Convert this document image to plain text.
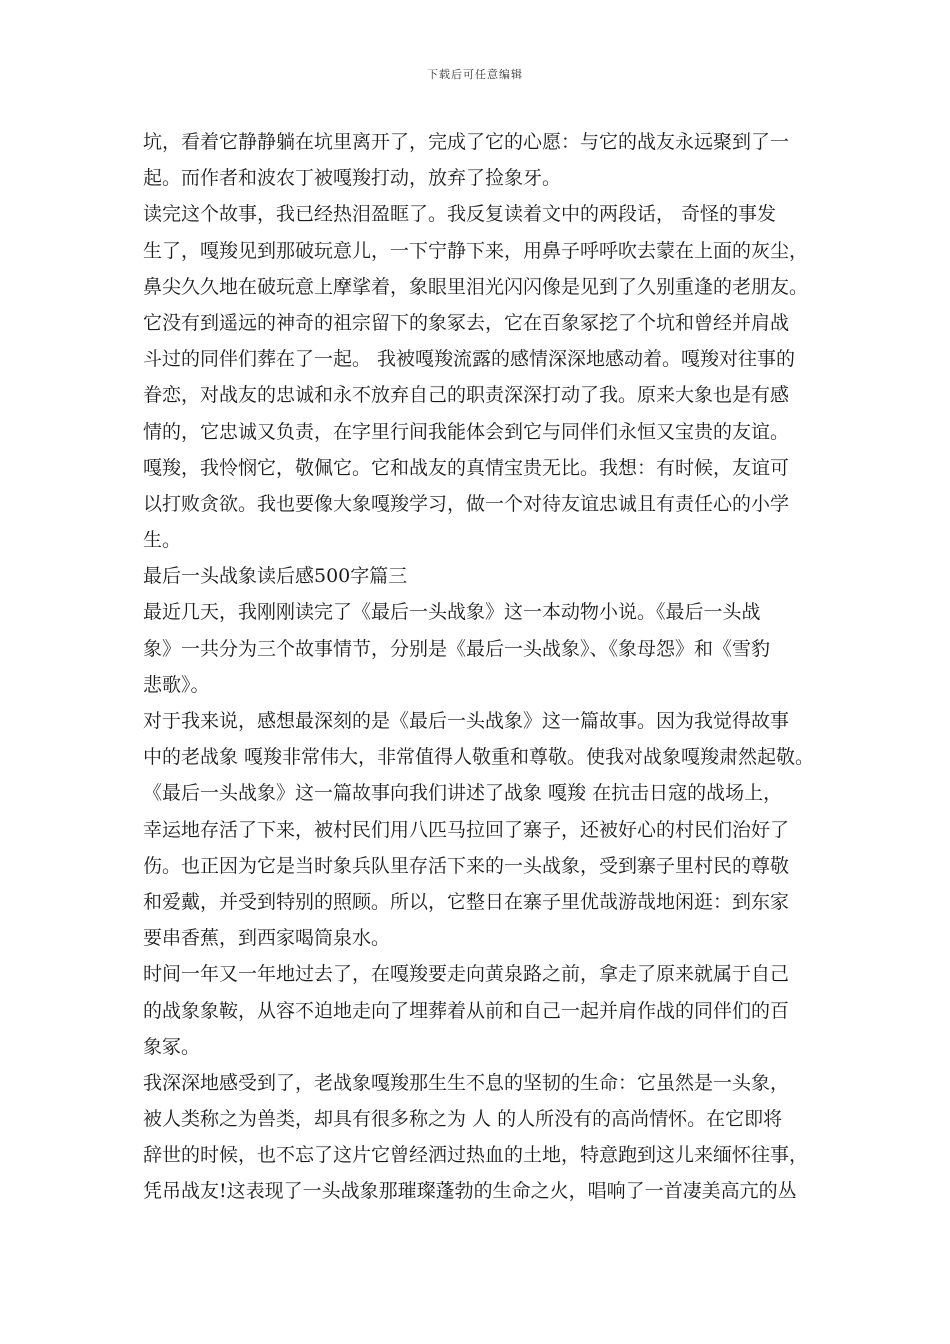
下载后可任意编辑
坑，看着它静静躺在坑里离开了，完成了它的心愿：与它的战友永远聚到了一
起。而作者和波农丁被嘎羧打动，放弃了捡象牙。
读完这个故事，我已经热泪盈眶了。我反复读着文中的两段话， 奇怪的事发
生了，嘎羧见到那破玩意儿，一下宁静下来，用鼻子呼呼吹去蒙在上面的灰尘，
鼻尖久久地在破玩意上摩挲着，象眼里泪光闪闪像是见到了久别重逢的老朋友。
它没有到遥远的神奇的祖宗留下的象冢去，它在百象冢挖了个坑和曾经并肩战
斗过的同伴们葬在了一起。 我被嘎羧流露的感情深深地感动着。嘎羧对往事的
眷恋，对战友的忠诚和永不放弃自己的职责深深打动了我。原来大象也是有感
情的，它忠诚又负责，在字里行间我能体会到它与同伴们永恒又宝贵的友谊。
嘎羧，我怜悯它，敬佩它。它和战友的真情宝贵无比。我想：有时候，友谊可
以打败贪欲。我也要像大象嘎羧学习，做一个对待友谊忠诚且有责任心的小学
生。
最后一头战象读后感500字篇三
最近几天，我刚刚读完了《最后一头战象》这一本动物小说。《最后一头战
象》一共分为三个故事情节，分别是《最后一头战象》、《象母怨》和《雪豹
悲歌》。
对于我来说，感想最深刻的是《最后一头战象》这一篇故事。因为我觉得故事
中的老战象 嘎羧非常伟大，非常值得人敬重和尊敬。使我对战象嘎羧肃然起敬。
《最后一头战象》这一篇故事向我们讲述了战象 嘎羧 在抗击日寇的战场上，
幸运地存活了下来，被村民们用八匹马拉回了寨子，还被好心的村民们治好了
伤。也正因为它是当时象兵队里存活下来的一头战象，受到寨子里村民的尊敬
和爱戴，并受到特别的照顾。所以，它整日在寨子里优哉游哉地闲逛：到东家
要串香蕉，到西家喝筒泉水。
时间一年又一年地过去了，在嘎羧要走向黄泉路之前，拿走了原来就属于自己
的战象象鞍，从容不迫地走向了埋葬着从前和自己一起并肩作战的同伴们的百
象冢。
我深深地感受到了，老战象嘎羧那生生不息的坚韧的生命：它虽然是一头象，
被人类称之为兽类，却具有很多称之为 人 的人所没有的高尚情怀。在它即将
辞世的时候，也不忘了这片它曾经洒过热血的土地，特意跑到这儿来缅怀往事，
凭吊战友!这表现了一头战象那璀璨蓬勃的生命之火，唱响了一首凄美高亢的丛
